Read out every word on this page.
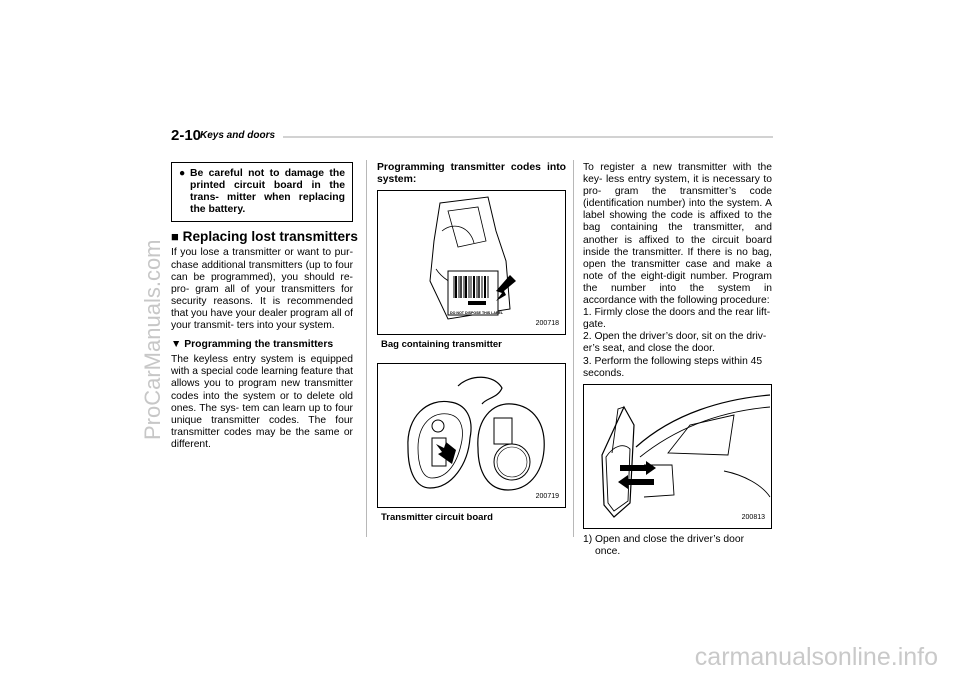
ProCarManuals.com
carmanualsonline.info
2-10
Keys and doors
● Be careful not to damage the printed circuit board in the trans- mitter when replacing the battery.
■ Replacing lost transmitters

If you lose a transmitter or want to pur- chase additional transmitters (up to four can be programmed), you should re-pro- gram all of your transmitters for security reasons. It is recommended that you have your dealer program all of your transmit- ters into your system.

▼ Programming the transmitters

The keyless entry system is equipped with a special code learning feature that allows you to program new transmitter codes into the system or to delete old ones. The sys- tem can learn up to four unique transmitter codes. The four transmitter codes may be the same or different.

Programming transmitter codes into system:

DO NOT DISPOSE THIS LABEL
200718
Bag containing transmitter
200719
Transmitter circuit board

To register a new transmitter with the key- less entry system, it is necessary to pro- gram the transmitter’s code (identification number) into the system. A label showing the code is affixed to the bag containing the transmitter, and another is affixed to the circuit board inside the transmitter. If there is no bag, open the transmitter case and make a note of the eight-digit number. Program the number into the system in accordance with the following procedure:

1. Firmly close the doors and the rear lift- gate.

2. Open the driver’s door, sit on the driv- er’s seat, and close the door.

3. Perform the following steps within 45 seconds.

200813

1) Open and close the driver’s door once.
